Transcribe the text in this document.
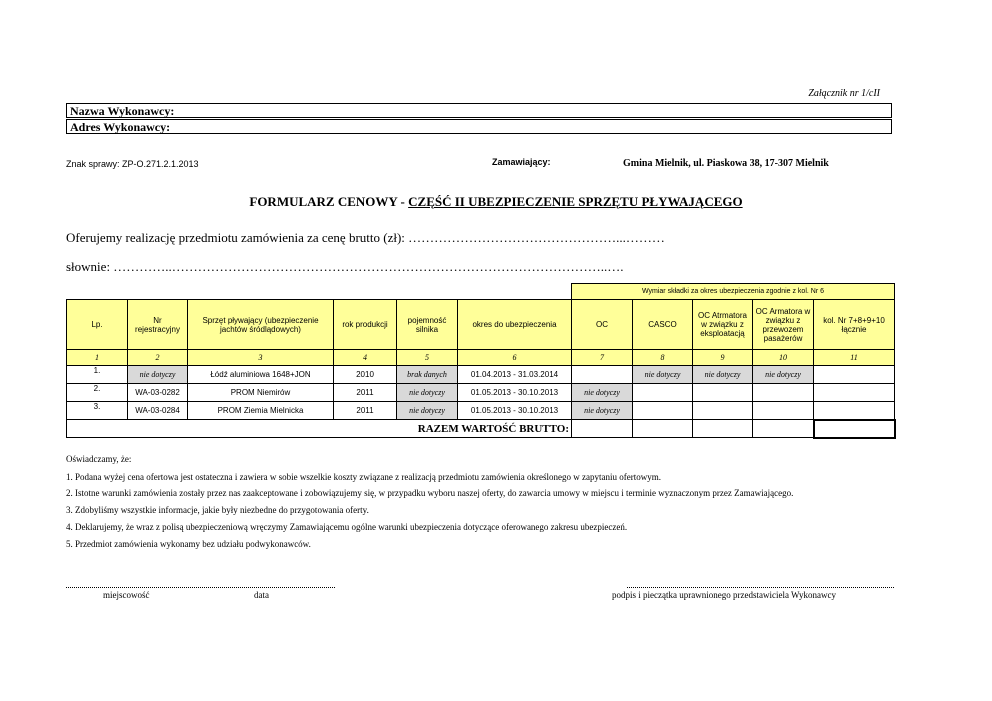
Załącznik nr 1/cII
Nazwa Wykonawcy:
Adres Wykonawcy:
Znak sprawy: ZP-O.271.2.1.2013	Zamawiający:	Gmina Mielnik, ul. Piaskowa 38, 17-307 Mielnik
FORMULARZ CENOWY - CZĘŚĆ II UBEZPIECZENIE SPRZĘTU PŁYWAJĄCEGO
Oferujemy realizację przedmiotu zamówienia za cenę brutto (zł): …………………………………………...………
słownie: …………..………………………………………………………………………………………..….
						Wymiar składki za okres ubezpieczenia zgodnie z kol. Nr 6				
Lp.	Nr rejestracyjny	Sprzęt pływający (ubezpieczenie jachtów śródlądowych)	rok produkcji	pojemność silnika	okres do ubezpieczenia	OC	CASCO	OC Atrmatora w związku z eksploatacją	OC Armatora w związku z przewozem pasażerów	kol. Nr 7+8+9+10 łącznie
1	2	3	4	5	6	7	8	9	10	11
1.	nie dotyczy	Łódź aluminiowa 1648+JON	2010	brak danych	01.04.2013 - 31.03.2014		nie dotyczy	nie dotyczy	nie dotyczy	
2.	WA-03-0282	PROM Niemirów	2011	nie dotyczy	01.05.2013 - 30.10.2013	nie dotyczy				
3.	WA-03-0284	PROM Ziemia Mielnicka	2011	nie dotyczy	01.05.2013 - 30.10.2013	nie dotyczy				
RAZEM WARTOŚĆ BRUTTO:										
Oświadczamy, że:
1. Podana wyżej cena ofertowa jest ostateczna i zawiera w sobie wszelkie koszty związane z realizacją przedmiotu zamówienia określonego w zapytaniu ofertowym.
2. Istotne warunki zamówienia zostały przez nas zaakceptowane i zobowiązujemy się, w przypadku wyboru naszej oferty, do zawarcia umowy w miejscu i terminie wyznaczonym przez Zamawiającego.
3. Zdobyliśmy wszystkie informacje, jakie były niezbedne do przygotowania oferty.
4. Deklarujemy, że wraz z polisą ubezpieczeniową wręczymy Zamawiającemu ogólne warunki ubezpieczenia dotyczące oferowanego zakresu ubezpieczeń.
5. Przedmiot zamówienia wykonamy bez udziału podwykonawców.
miejscowość	data	podpis i pieczątka uprawnionego przedstawiciela Wykonawcy
